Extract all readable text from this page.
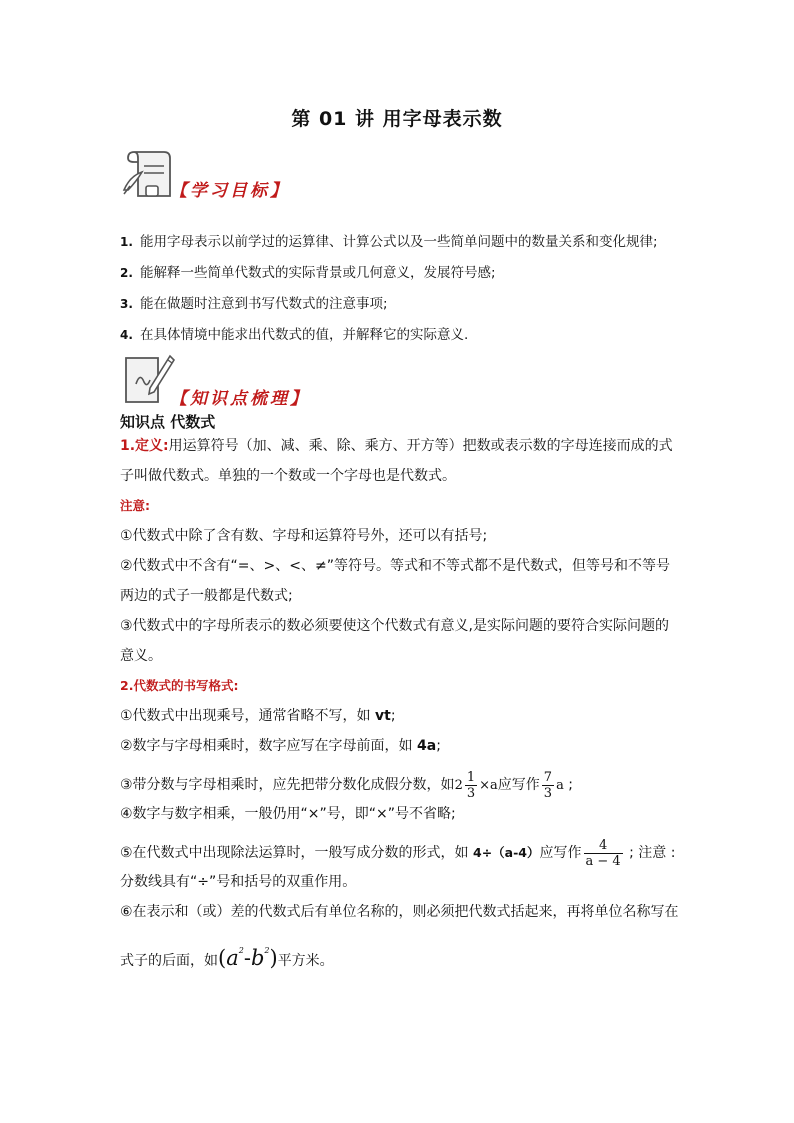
第 01 讲 用字母表示数
【学习目标】
1. 能用字母表示以前学过的运算律、计算公式以及一些简单问题中的数量关系和变化规律;
2. 能解释一些简单代数式的实际背景或几何意义，发展符号感;
3. 能在做题时注意到书写代数式的注意事项;
4. 在具体情境中能求出代数式的值，并解释它的实际意义.
【知识点梳理】
知识点 代数式
1.定义:用运算符号（加、减、乘、除、乘方、开方等）把数或表示数的字母连接而成的式
子叫做代数式。单独的一个数或一个字母也是代数式。
注意:
①代数式中除了含有数、字母和运算符号外，还可以有括号;
②代数式中不含有“=、>、<、≠”等符号。等式和不等式都不是代数式，但等号和不等号
两边的式子一般都是代数式;
③代数式中的字母所表示的数必须要使这个代数式有意义,是实际问题的要符合实际问题的
意义。
2.代数式的书写格式:
①代数式中出现乘号，通常省略不写，如 vt;
②数字与字母相乘时，数字应写在字母前面，如 4a;
③带分数与字母相乘时，应先把带分数化成假分数，如$2 \frac{1}{3} \times a$应写作 $\frac{7}{3}$ a ;
④数字与数字相乘，一般仍用“×”号，即“×”号不省略;
⑤在代数式中出现除法运算时，一般写成分数的形式，如 4÷（a-4）应写作 $\frac{4}{a - 4}$ ; 注意 :
分数线具有“÷”号和括号的双重作用。
⑥在表示和（或）差的代数式后有单位名称的，则必须把代数式括起来，再将单位名称写在
式子的后面，如$(a^2-b^2)$平方米。
